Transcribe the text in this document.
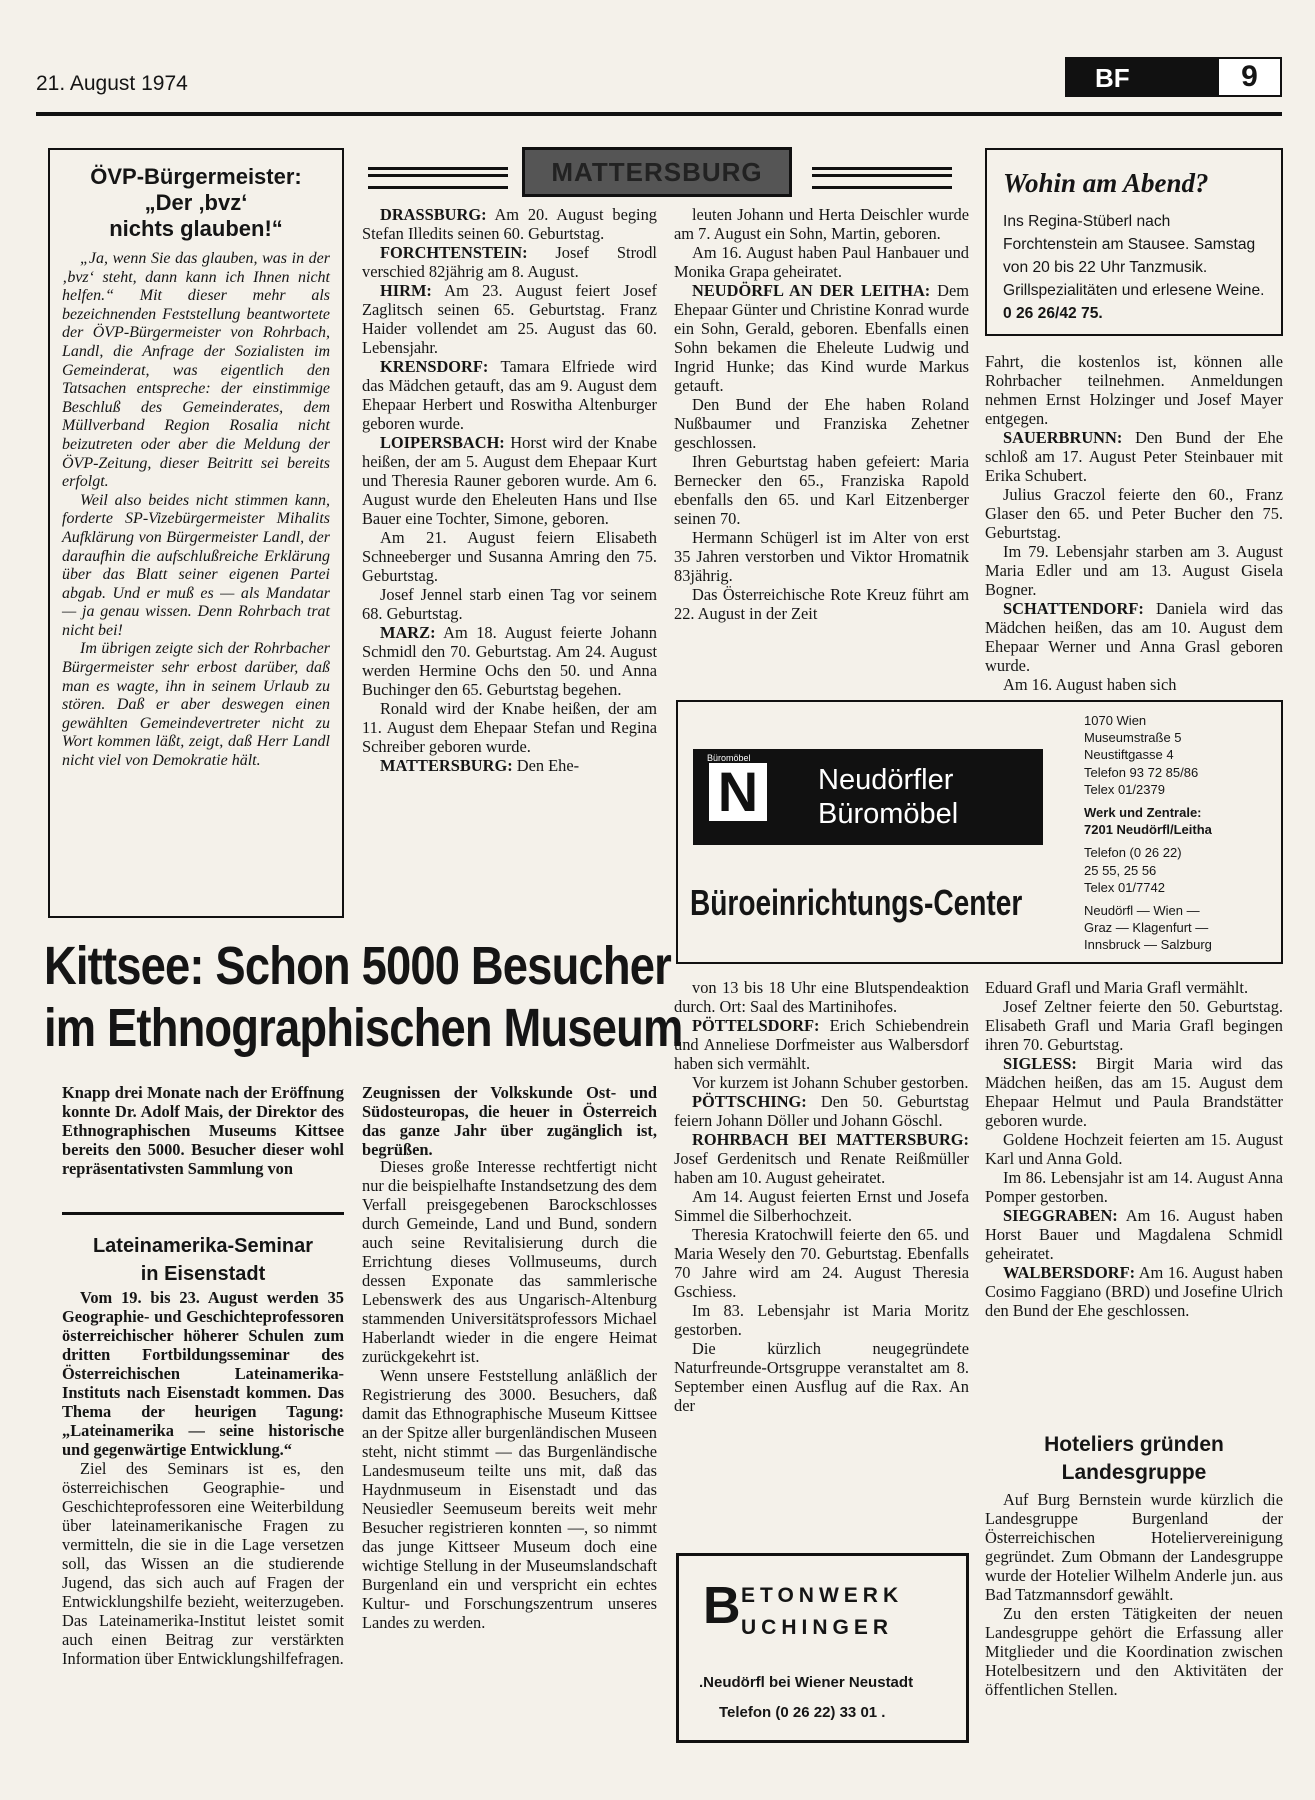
21. August 1974	BF	9
ÖVP-Bürgermeister:
„Der ‚bvz‘
nichts glauben!“

„Ja, wenn Sie das glauben, was in der ‚bvz‘ steht, dann kann ich Ihnen nicht helfen.“ Mit dieser mehr als bezeichnenden Feststellung beantwortete der ÖVP-Bürgermeister von Rohrbach, Landl, die Anfrage der Sozialisten im Gemeinderat, was eigentlich den Tatsachen entspreche: der einstimmige Beschluß des Gemeinderates, dem Müllverband Region Rosalia nicht beizutreten oder aber die Meldung der ÖVP-Zeitung, dieser Beitritt sei bereits erfolgt.

Weil also beides nicht stimmen kann, forderte SP-Vizebürgermeister Mihalits Aufklärung von Bürgermeister Landl, der daraufhin die aufschlußreiche Erklärung über das Blatt seiner eigenen Partei abgab. Und er muß es — als Mandatar — ja genau wissen. Denn Rohrbach trat nicht bei!

Im übrigen zeigte sich der Rohrbacher Bürgermeister sehr erbost darüber, daß man es wagte, ihn in seinem Urlaub zu stören. Daß er aber deswegen einen gewählten Gemeindevertreter nicht zu Wort kommen läßt, zeigt, daß Herr Landl nicht viel von Demokratie hält.

MATTERSBURG

DRASSBURG: Am 20. August beging Stefan Illedits seinen 60. Geburtstag.

FORCHTENSTEIN: Josef Strodl verschied 82jährig am 8. August.

HIRM: Am 23. August feiert Josef Zaglitsch seinen 65. Geburtstag. Franz Haider vollendet am 25. August das 60. Lebensjahr.

KRENSDORF: Tamara Elfriede wird das Mädchen getauft, das am 9. August dem Ehepaar Herbert und Roswitha Altenburger geboren wurde.

LOIPERSBACH: Horst wird der Knabe heißen, der am 5. August dem Ehepaar Kurt und Theresia Rauner geboren wurde. Am 6. August wurde den Eheleuten Hans und Ilse Bauer eine Tochter, Simone, geboren.

Am 21. August feiern Elisabeth Schneeberger und Susanna Amring den 75. Geburtstag.

Josef Jennel starb einen Tag vor seinem 68. Geburtstag.

MARZ: Am 18. August feierte Johann Schmidl den 70. Geburtstag. Am 24. August werden Hermine Ochs den 50. und Anna Buchinger den 65. Geburtstag begehen.

Ronald wird der Knabe heißen, der am 11. August dem Ehepaar Stefan und Regina Schreiber geboren wurde.

MATTERSBURG: Den Ehe-

leuten Johann und Herta Deischler wurde am 7. August ein Sohn, Martin, geboren.

Am 16. August haben Paul Hanbauer und Monika Grapa geheiratet.

NEUDÖRFL AN DER LEITHA: Dem Ehepaar Günter und Christine Konrad wurde ein Sohn, Gerald, geboren. Ebenfalls einen Sohn bekamen die Eheleute Ludwig und Ingrid Hunke; das Kind wurde Markus getauft.

Den Bund der Ehe haben Roland Nußbaumer und Franziska Zehetner geschlossen.

Ihren Geburtstag haben gefeiert: Maria Bernecker den 65., Franziska Rapold ebenfalls den 65. und Karl Eitzenberger seinen 70.

Hermann Schügerl ist im Alter von erst 35 Jahren verstorben und Viktor Hromatnik 83jährig.

Das Österreichische Rote Kreuz führt am 22. August in der Zeit

Wohin am Abend?
Ins Regina-Stüberl nach Forchtenstein am Stausee. Samstag von 20 bis 22 Uhr Tanzmusik. Grillspezialitäten und erlesene Weine. 0 26 26/42 75.

Fahrt, die kostenlos ist, können alle Rohrbacher teilnehmen. Anmeldungen nehmen Ernst Holzinger und Josef Mayer entgegen.

SAUERBRUNN: Den Bund der Ehe schloß am 17. August Peter Steinbauer mit Erika Schubert.

Julius Graczol feierte den 60., Franz Glaser den 65. und Peter Bucher den 75. Geburtstag.

Im 79. Lebensjahr starben am 3. August Maria Edler und am 13. August Gisela Bogner.

SCHATTENDORF: Daniela wird das Mädchen heißen, das am 10. August dem Ehepaar Werner und Anna Grasl geboren wurde.

Am 16. August haben sich

Büromöbel
N	Neudörfler
Büromöbel
Büroeinrichtungs-Center
1070 Wien
Museumstraße 5
Neustiftgasse 4
Telefon 93 72 85/86
Telex 01/2379
Werk und Zentrale:
7201 Neudörfl/Leitha
Telefon (0 26 22)
25 55, 25 56
Telex 01/7742
Neudörfl — Wien —
Graz — Klagenfurt —
Innsbruck — Salzburg
Kittsee: Schon 5000 Besucher
im Ethnographischen Museum

Knapp drei Monate nach der Eröffnung konnte Dr. Adolf Mais, der Direktor des Ethnographischen Museums Kittsee bereits den 5000. Besucher dieser wohl repräsentativsten Sammlung von

Zeugnissen der Volkskunde Ost- und Südosteuropas, die heuer in Österreich das ganze Jahr über zugänglich ist, begrüßen.

Dieses große Interesse rechtfertigt nicht nur die beispielhafte Instandsetzung des dem Verfall preisgegebenen Barockschlosses durch Gemeinde, Land und Bund, sondern auch seine Revitalisierung durch die Errichtung dieses Vollmuseums, durch dessen Exponate das sammlerische Lebenswerk des aus Ungarisch-Altenburg stammenden Universitätsprofessors Michael Haberlandt wieder in die engere Heimat zurückgekehrt ist.

Wenn unsere Feststellung anläßlich der Registrierung des 3000. Besuchers, daß damit das Ethnographische Museum Kittsee an der Spitze aller burgenländischen Museen steht, nicht stimmt — das Burgenländische Landesmuseum teilte uns mit, daß das Haydnmuseum in Eisenstadt und das Neusiedler Seemuseum bereits weit mehr Besucher registrieren konnten —, so nimmt das junge Kittseer Museum doch eine wichtige Stellung in der Museumslandschaft Burgenland ein und verspricht ein echtes Kultur- und Forschungszentrum unseres Landes zu werden.

Lateinamerika-Seminar
in Eisenstadt

Vom 19. bis 23. August werden 35 Geographie- und Geschichteprofessoren österreichischer höherer Schulen zum dritten Fortbildungsseminar des Österreichischen Lateinamerika-Instituts nach Eisenstadt kommen. Das Thema der heurigen Tagung: „Lateinamerika — seine historische und gegenwärtige Entwicklung.“

Ziel des Seminars ist es, den österreichischen Geographie- und Geschichteprofessoren eine Weiterbildung über lateinamerikanische Fragen zu vermitteln, die sie in die Lage versetzen soll, das Wissen an die studierende Jugend, das sich auch auf Fragen der Entwicklungshilfe bezieht, weiterzugeben. Das Lateinamerika-Institut leistet somit auch einen Beitrag zur verstärkten Information über Entwicklungshilfefragen.

von 13 bis 18 Uhr eine Blutspendeaktion durch. Ort: Saal des Martinihofes.

PÖTTELSDORF: Erich Schiebendrein und Anneliese Dorfmeister aus Walbersdorf haben sich vermählt.

Vor kurzem ist Johann Schuber gestorben.

PÖTTSCHING: Den 50. Geburtstag feiern Johann Döller und Johann Göschl.

ROHRBACH BEI MATTERSBURG: Josef Gerdenitsch und Renate Reißmüller haben am 10. August geheiratet.

Am 14. August feierten Ernst und Josefa Simmel die Silberhochzeit.

Theresia Kratochwill feierte den 65. und Maria Wesely den 70. Geburtstag. Ebenfalls 70 Jahre wird am 24. August Theresia Gschiess.

Im 83. Lebensjahr ist Maria Moritz gestorben.

Die kürzlich neugegründete Naturfreunde-Ortsgruppe veranstaltet am 8. September einen Ausflug auf die Rax. An der

Eduard Grafl und Maria Grafl vermählt.

Josef Zeltner feierte den 50. Geburtstag. Elisabeth Grafl und Maria Grafl begingen ihren 70. Geburtstag.

SIGLESS: Birgit Maria wird das Mädchen heißen, das am 15. August dem Ehepaar Helmut und Paula Brandstätter geboren wurde.

Goldene Hochzeit feierten am 15. August Karl und Anna Gold.

Im 86. Lebensjahr ist am 14. August Anna Pomper gestorben.

SIEGGRABEN: Am 16. August haben Horst Bauer und Magdalena Schmidl geheiratet.

WALBERSDORF: Am 16. August haben Cosimo Faggiano (BRD) und Josefine Ulrich den Bund der Ehe geschlossen.

Hoteliers gründen
Landesgruppe

Auf Burg Bernstein wurde kürzlich die Landesgruppe Burgenland der Österreichischen Hoteliervereinigung gegründet. Zum Obmann der Landesgruppe wurde der Hotelier Wilhelm Anderle jun. aus Bad Tatzmannsdorf gewählt.

Zu den ersten Tätigkeiten der neuen Landesgruppe gehört die Erfassung aller Mitglieder und die Koordination zwischen Hotelbesitzern und den Aktivitäten der öffentlichen Stellen.

B ETONWERK
UCHINGER
.Neudörfl bei Wiener Neustadt
Telefon (0 26 22) 33 01 .
